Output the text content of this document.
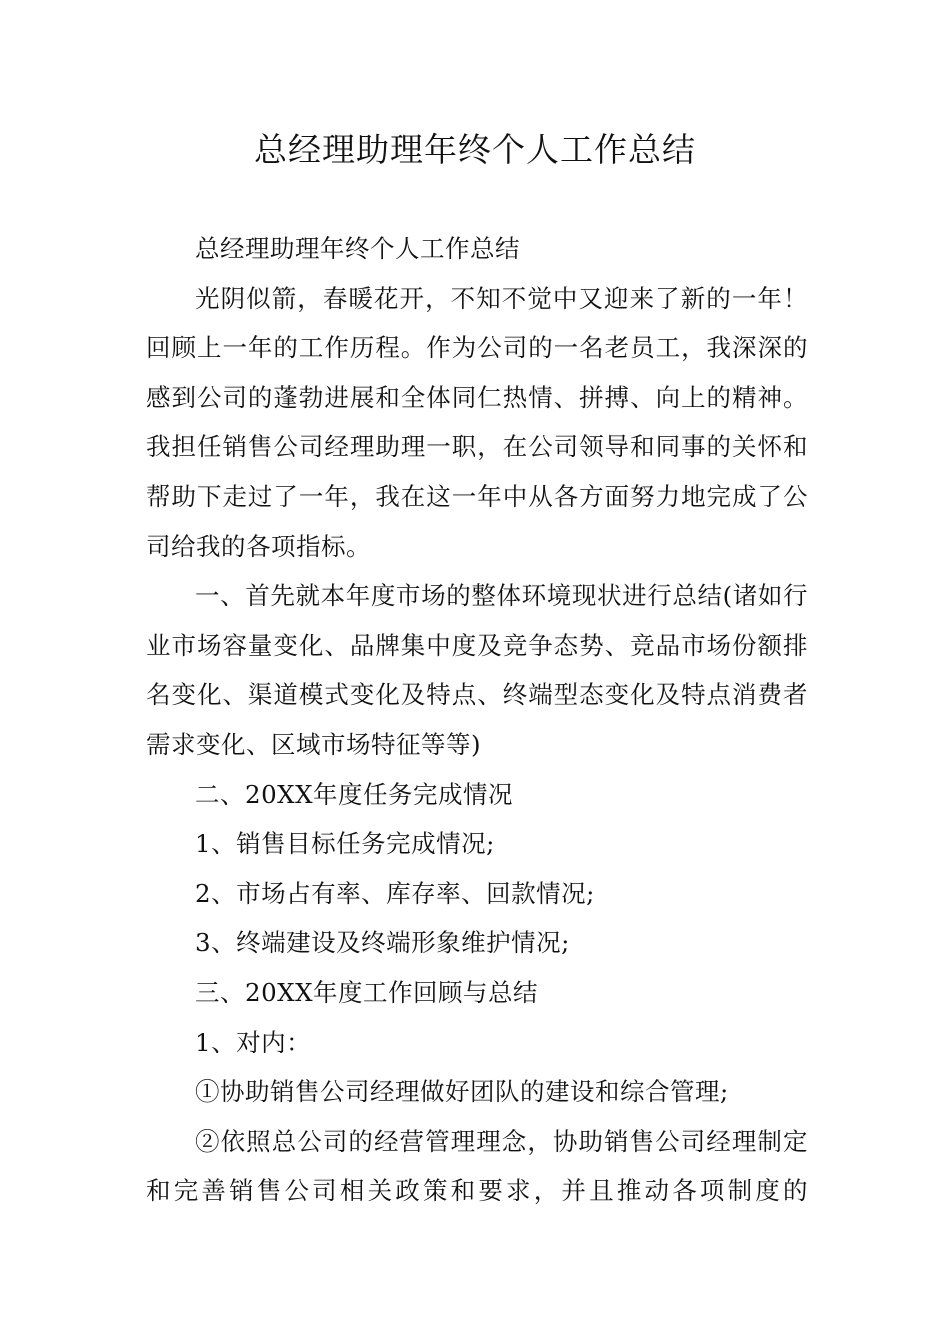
总经理助理年终个人工作总结

总经理助理年终个人工作总结

光阴似箭，春暖花开，不知不觉中又迎来了新的一年！回顾上一年的工作历程。作为公司的一名老员工，我深深的感到公司的蓬勃进展和全体同仁热情、拼搏、向上的精神。我担任销售公司经理助理一职，在公司领导和同事的关怀和帮助下走过了一年，我在这一年中从各方面努力地完成了公司给我的各项指标。

一、首先就本年度市场的整体环境现状进行总结(诸如行业市场容量变化、品牌集中度及竞争态势、竞品市场份额排名变化、渠道模式变化及特点、终端型态变化及特点消费者需求变化、区域市场特征等等)

二、20XX年度任务完成情况

1、销售目标任务完成情况;

2、市场占有率、库存率、回款情况;

3、终端建设及终端形象维护情况;

三、20XX年度工作回顾与总结

1、对内：

①协助销售公司经理做好团队的建设和综合管理;

②依照总公司的经营管理理念，协助销售公司经理制定和完善销售公司相关政策和要求，并且推动各项制度的
